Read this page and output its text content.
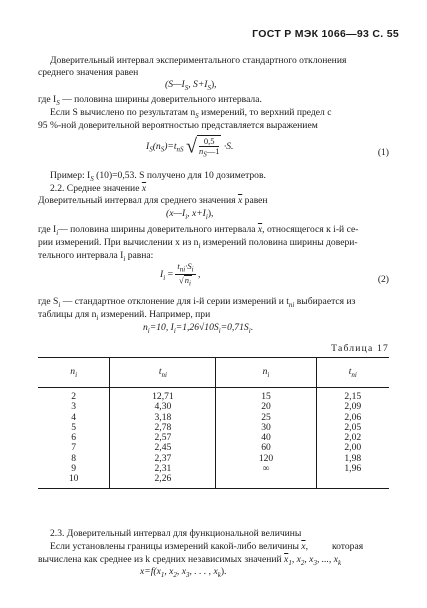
ГОСТ Р МЭК 1066—93 С. 55
Доверительный интервал экспериментального стандартного отклонения
среднего значения равен
($S—I_S$, $S+I_S$),
где $I_S$ — половина ширины доверительного интервала.
Если S вычислено по результатам $n_S$ измерений, то верхний предел с
95 %-ной доверительной вероятностью представляется выражением
$I_S(n_S)=t_{nS}$ √ $\frac{0,5}{n_S—1} \cdot S$.
(1)
Пример: $I_S$ (10)=0,53. S получено для 10 дозиметров.
2.2. Среднее значение $\overline{x}$
Доверительный интервал для среднего значения $\overline{x}$ равен
($x—I_i$, $x+I_i$),
где $I_i—$ половина ширины доверительного интервала $\overline{x}$, относящегося к i-й се-
рии измерений. При вычислении x из $n_i$ измерений половина ширины довери-
тельного интервала $I_i$ равна:
$I_i = \frac{t_{ni}\cdot S_i}{√n_i}$ ,	(2)
где $S_i$ — стандартное отклонение для i-й серии измерений и $t_{ni}$ выбирается из
таблицы для $n_i$ измерений. Например, при
$n_i=10$, $I_i=1,26√10S_i=0,71S_i$.
Таблица 17
$n_i$	$t_{ni}$	$n_i$	$t_{ni}$
2	12,71	15	2,15
3	4,30	20	2,09
4	3,18	25	2,06
5	2,78	30	2,05
6	2,57	40	2,02
7	2,45	60	2,00
8	2,37	120	1,98
9	2,31	∞	1,96
10	2,26		
2.3. Доверительный интервал для функциональной величины
Если установлены границы измерений какой-либо величины $\overline{x}$,          которая
вычислена как среднее из k средних независимых значений $\overline{x}_1$, $x_2$, $x_3$, ..., $x_k$
$x=f(x_1$, $x_2$, $x_3$, . . . , $x_k$).
